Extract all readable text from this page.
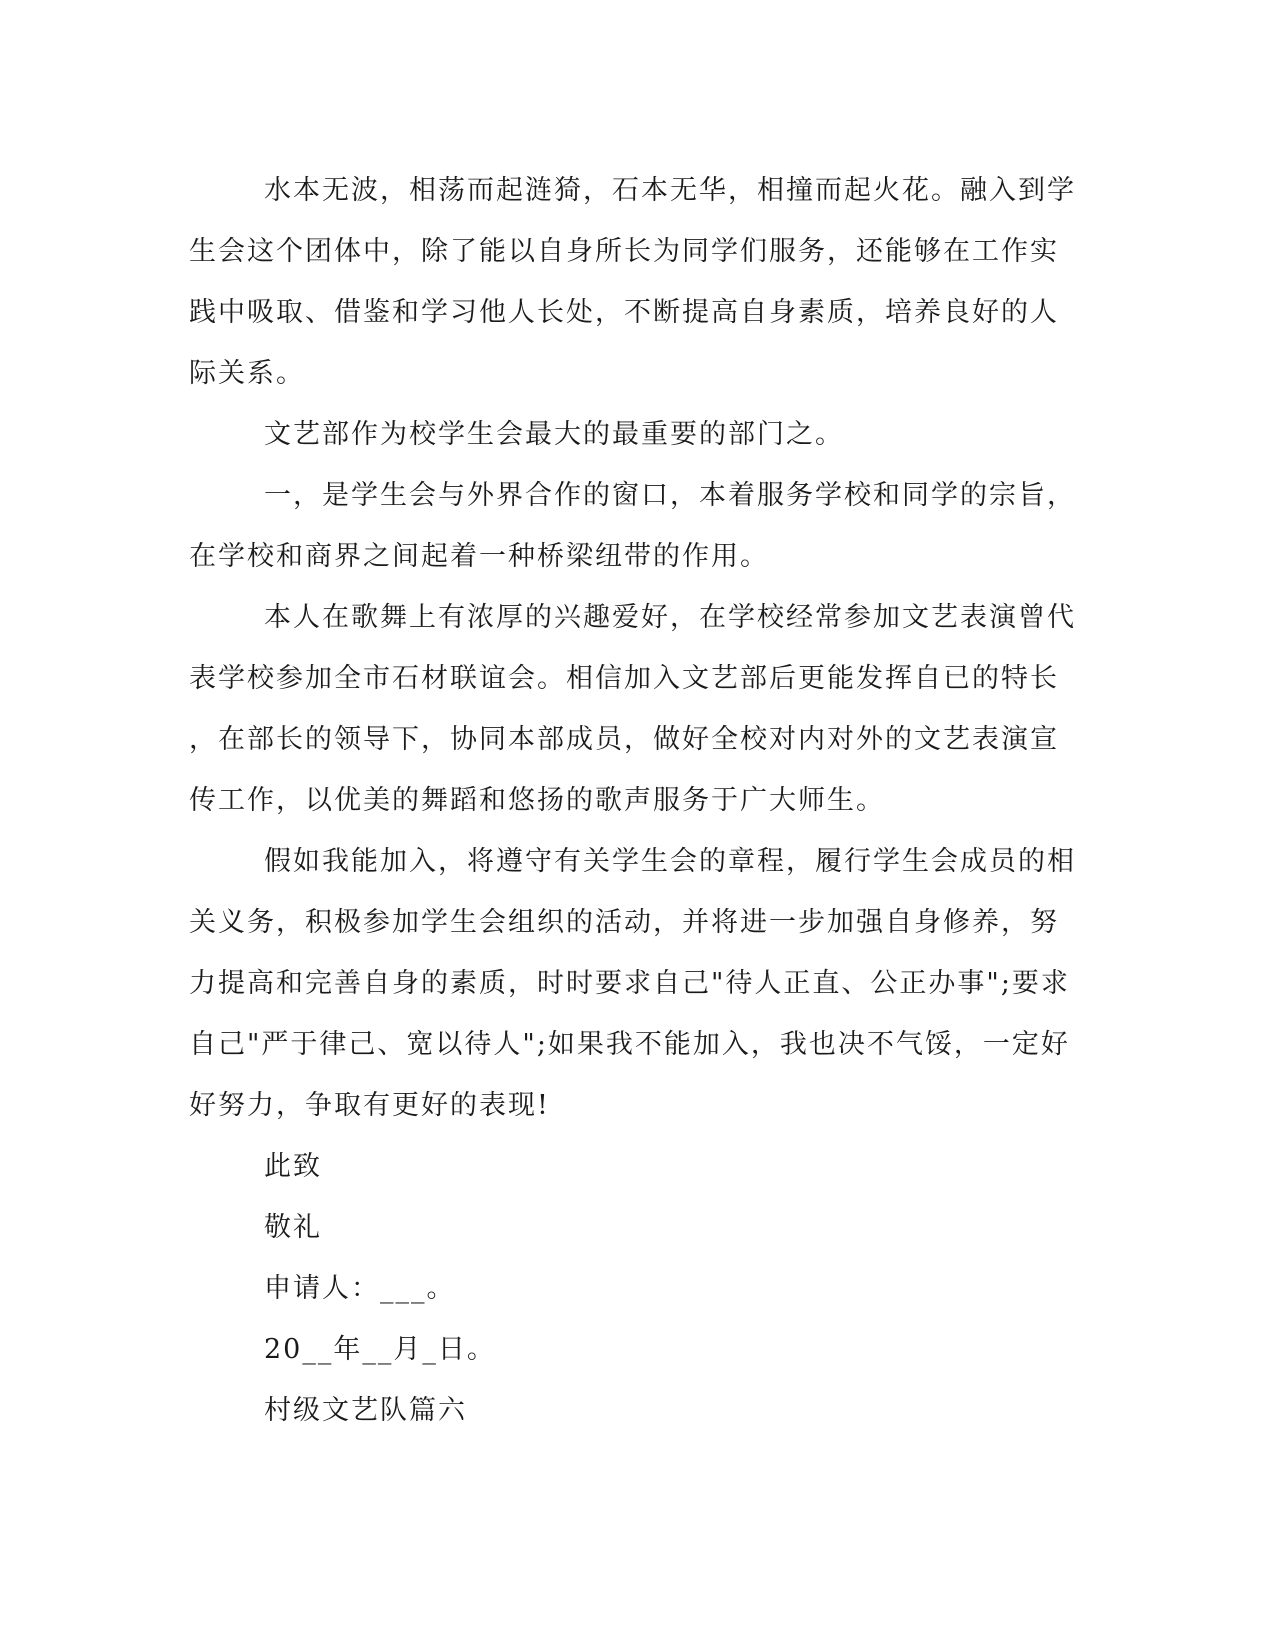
水本无波，相荡而起涟猗，石本无华，相撞而起火花。融入到学
生会这个团体中，除了能以自身所长为同学们服务，还能够在工作实
践中吸取、借鉴和学习他人长处，不断提高自身素质，培养良好的人
际关系。
文艺部作为校学生会最大的最重要的部门之。
一，是学生会与外界合作的窗口，本着服务学校和同学的宗旨，
在学校和商界之间起着一种桥梁纽带的作用。
本人在歌舞上有浓厚的兴趣爱好，在学校经常参加文艺表演曾代
表学校参加全市石材联谊会。相信加入文艺部后更能发挥自已的特长
，在部长的领导下，协同本部成员，做好全校对内对外的文艺表演宣
传工作，以优美的舞蹈和悠扬的歌声服务于广大师生。
假如我能加入，将遵守有关学生会的章程，履行学生会成员的相
关义务，积极参加学生会组织的活动，并将进一步加强自身修养，努
力提高和完善自身的素质，时时要求自己"待人正直、公正办事";要求
自己"严于律己、宽以待人";如果我不能加入，我也决不气馁，一定好
好努力，争取有更好的表现!
此致
敬礼
申请人：___。
20__年__月_日。
村级文艺队篇六
